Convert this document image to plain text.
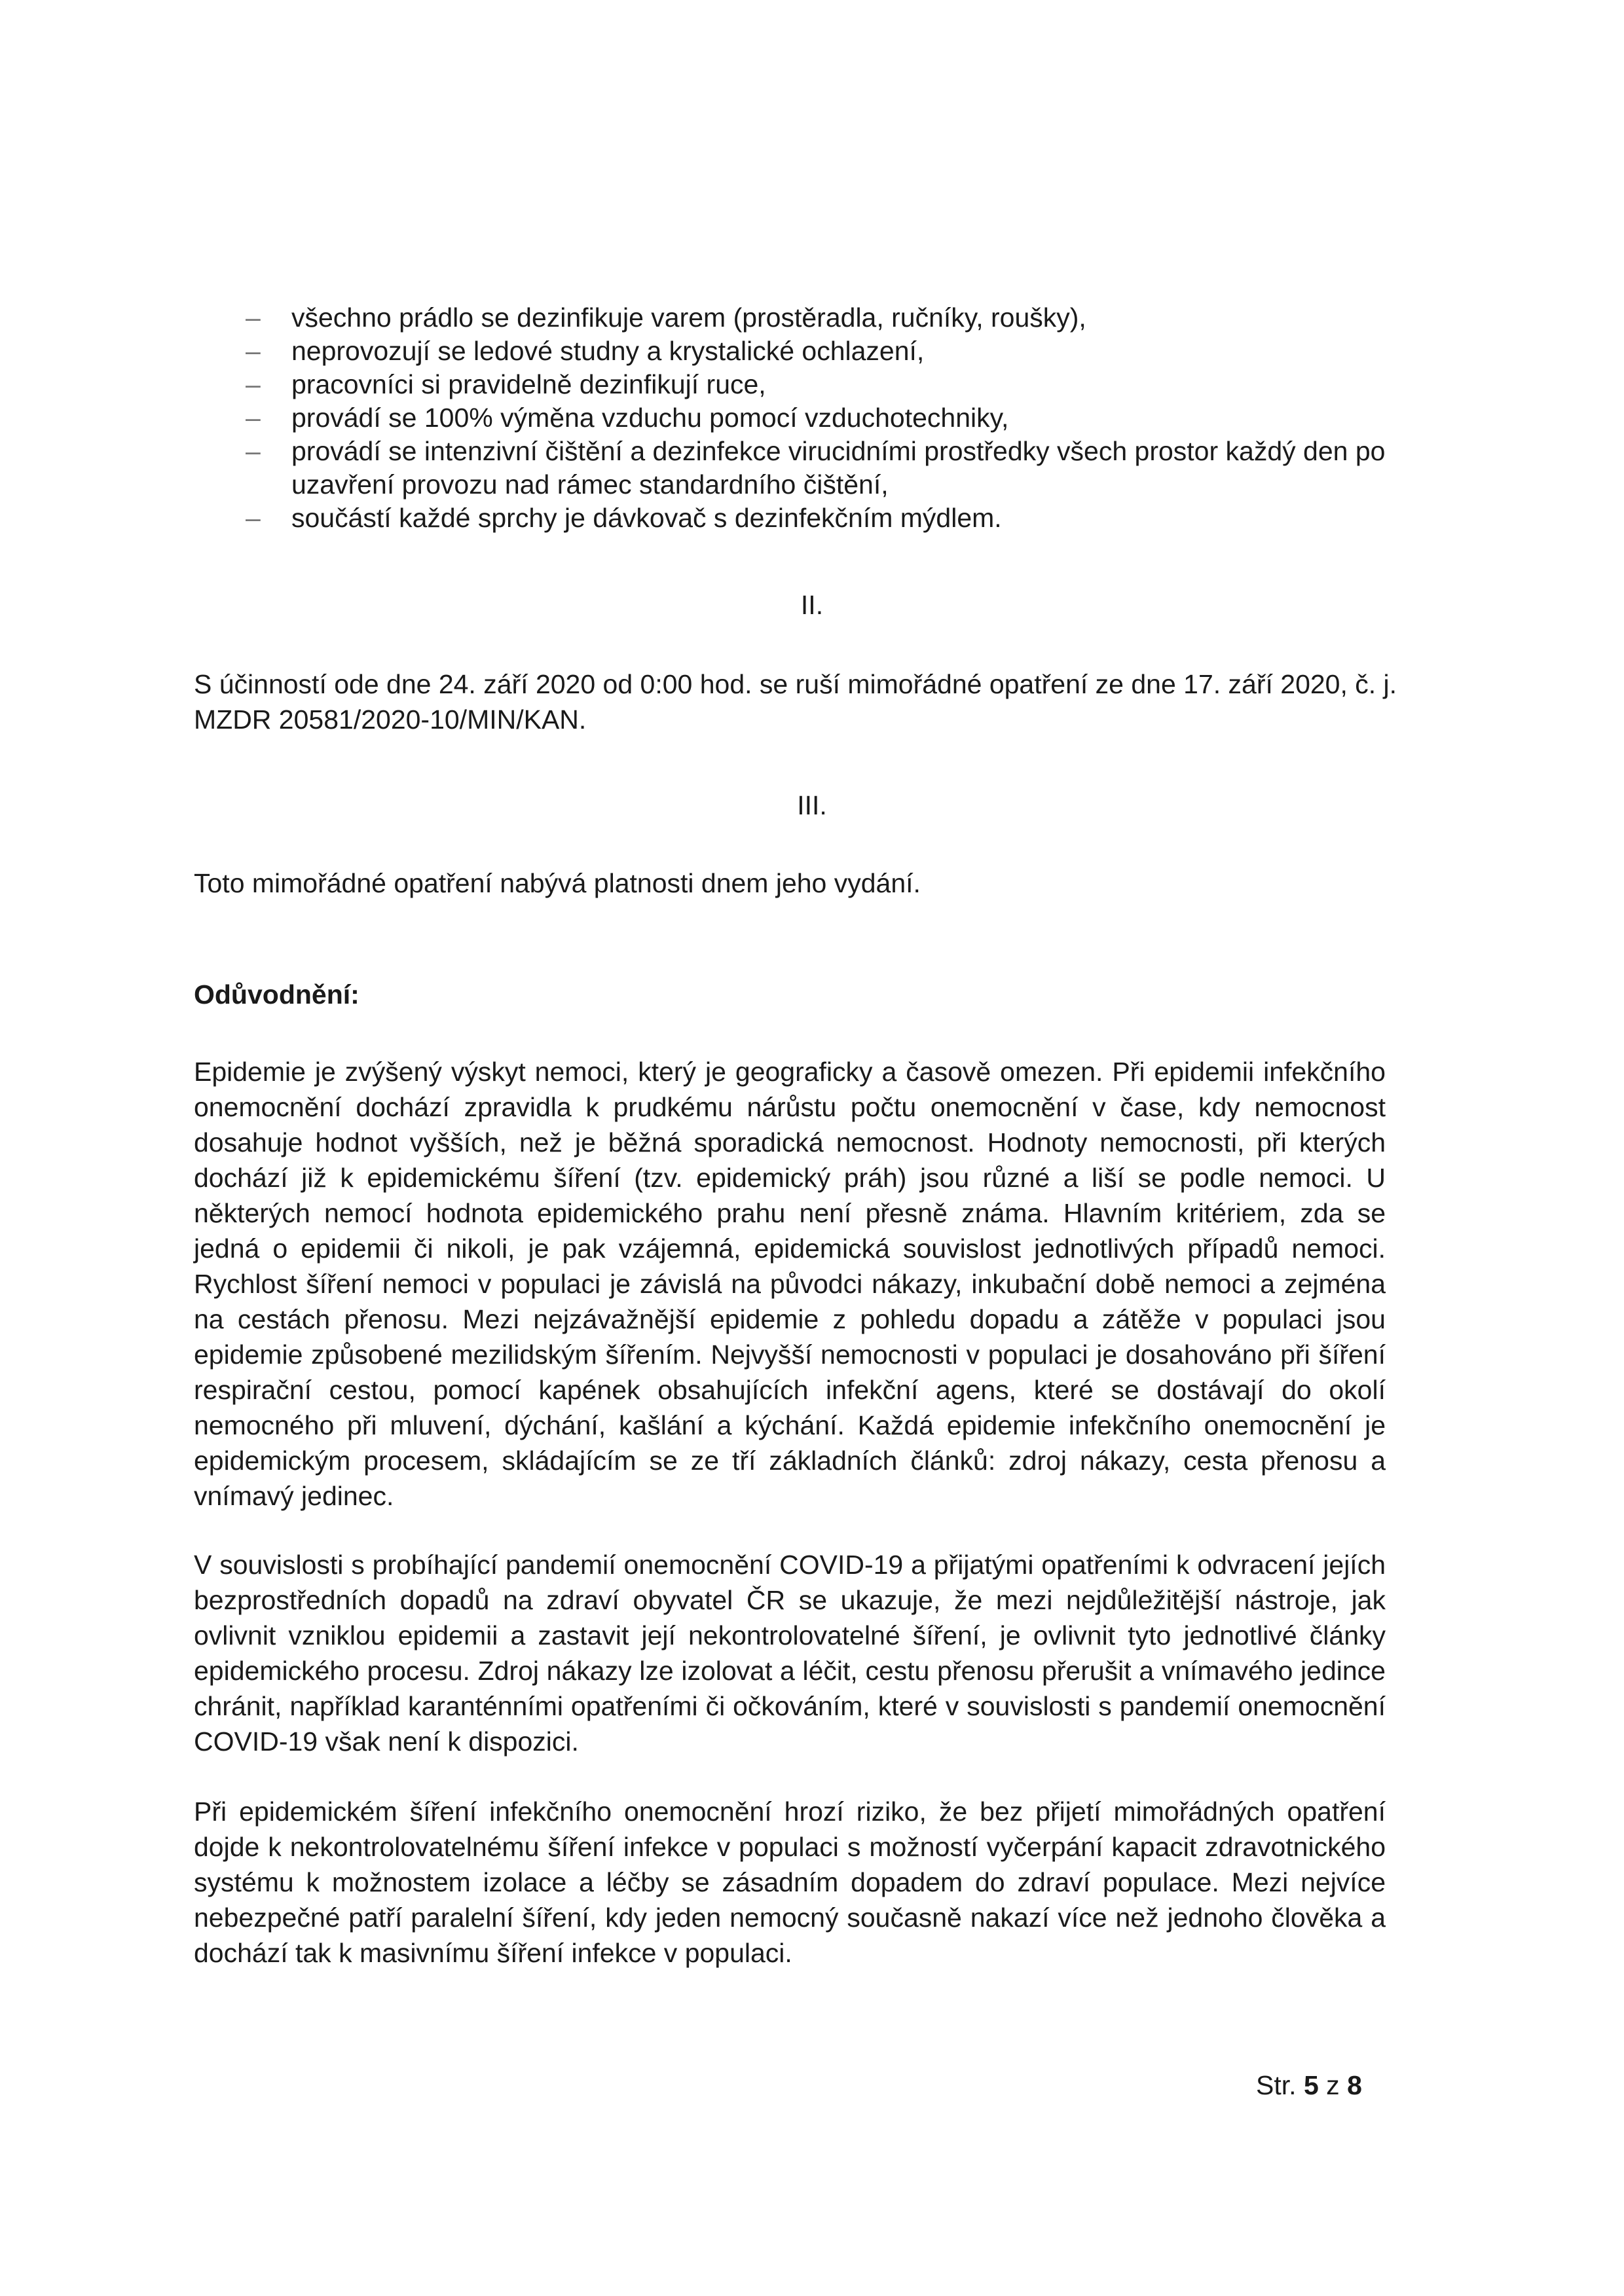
– všechno prádlo se dezinfikuje varem (prostěradla, ručníky, roušky),
– neprovozují se ledové studny a krystalické ochlazení,
– pracovníci si pravidelně dezinfikují ruce,
– provádí se 100% výměna vzduchu pomocí vzduchotechniky,
– provádí se intenzivní čištění a dezinfekce virucidními prostředky všech prostor každý den po uzavření provozu nad rámec standardního čištění,
– součástí každé sprchy je dávkovač s dezinfekčním mýdlem.
II.

S účinností ode dne 24. září 2020 od 0:00 hod. se ruší mimořádné opatření ze dne 17. září 2020, č. j. MZDR 20581/2020-10/MIN/KAN.

III.

Toto mimořádné opatření nabývá platnosti dnem jeho vydání.

Odůvodnění:

Epidemie je zvýšený výskyt nemoci, který je geograficky a časově omezen. Při epidemii infekčního onemocnění dochází zpravidla k prudkému nárůstu počtu onemocnění v čase, kdy nemocnost dosahuje hodnot vyšších, než je běžná sporadická nemocnost. Hodnoty nemocnosti, při kterých dochází již k epidemickému šíření (tzv. epidemický práh) jsou různé a liší se podle nemoci. U některých nemocí hodnota epidemického prahu není přesně známa. Hlavním kritériem, zda se jedná o epidemii či nikoli, je pak vzájemná, epidemická souvislost jednotlivých případů nemoci. Rychlost šíření nemoci v populaci je závislá na původci nákazy, inkubační době nemoci a zejména na cestách přenosu. Mezi nejzávažnější epidemie z pohledu dopadu a zátěže v populaci jsou epidemie způsobené mezilidským šířením. Nejvyšší nemocnosti v populaci je dosahováno při šíření respirační cestou, pomocí kapének obsahujících infekční agens, které se dostávají do okolí nemocného při mluvení, dýchání, kašlání a kýchání. Každá epidemie infekčního onemocnění je epidemickým procesem, skládajícím se ze tří základních článků: zdroj nákazy, cesta přenosu a vnímavý jedinec.

V souvislosti s probíhající pandemií onemocnění COVID-19 a přijatými opatřeními k odvracení jejích bezprostředních dopadů na zdraví obyvatel ČR se ukazuje, že mezi nejdůležitější nástroje, jak ovlivnit vzniklou epidemii a zastavit její nekontrolovatelné šíření, je ovlivnit tyto jednotlivé články epidemického procesu. Zdroj nákazy lze izolovat a léčit, cestu přenosu přerušit a vnímavého jedince chránit, například karanténními opatřeními či očkováním, které v souvislosti s pandemií onemocnění COVID-19 však není k dispozici.

Při epidemickém šíření infekčního onemocnění hrozí riziko, že bez přijetí mimořádných opatření dojde k nekontrolovatelnému šíření infekce v populaci s možností vyčerpání kapacit zdravotnického systému k možnostem izolace a léčby se zásadním dopadem do zdraví populace. Mezi nejvíce nebezpečné patří paralelní šíření, kdy jeden nemocný současně nakazí více než jednoho člověka a dochází tak k masivnímu šíření infekce v populaci.

Str. 5 z 8
